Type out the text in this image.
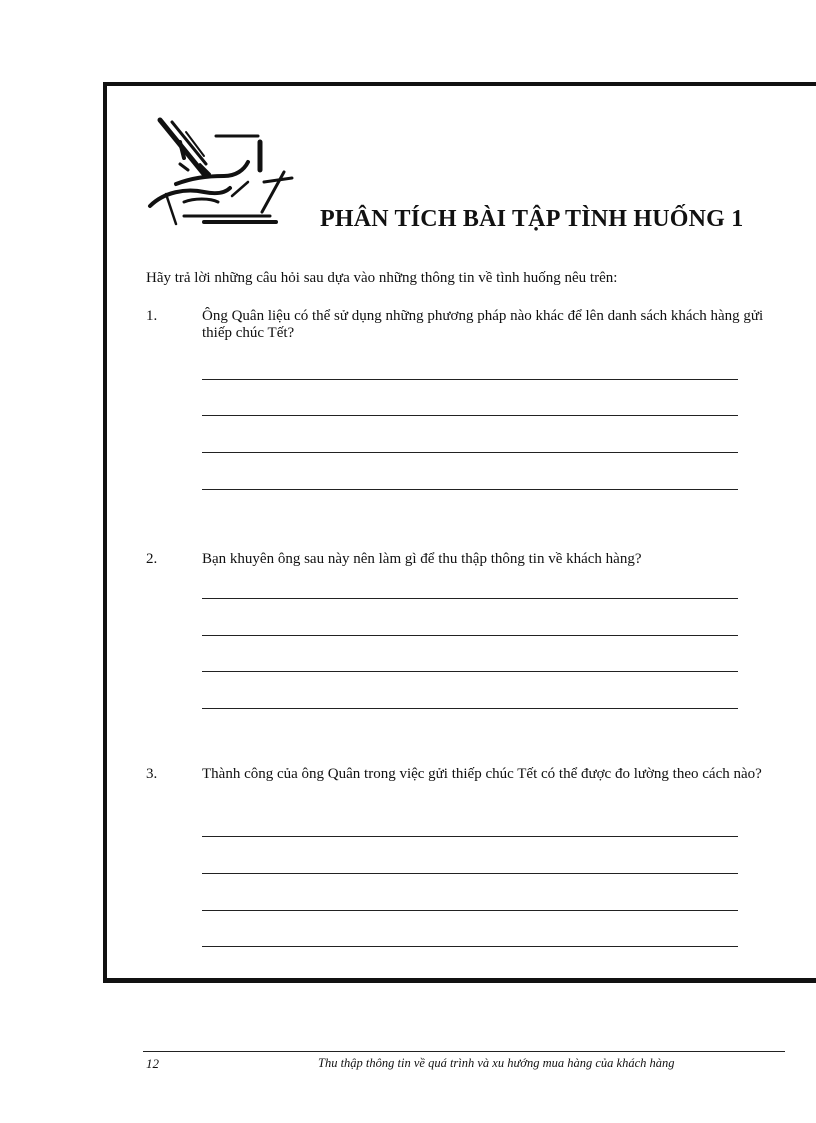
PHÂN TÍCH BÀI TẬP TÌNH HUỐNG 1
Hãy trả lời những câu hỏi sau dựa vào những thông tin về tình huống nêu trên:
1.	Ông Quân liệu có thể sử dụng những phương pháp nào khác để lên danh sách khách hàng gửi thiếp chúc Tết?
2.	Bạn khuyên ông sau này nên làm gì để thu thập thông tin về khách hàng?
3.	Thành công của ông Quân trong việc gửi thiếp chúc Tết có thể được đo lường theo cách nào?
12	Thu thập thông tin về quá trình và xu hướng mua hàng của khách hàng
